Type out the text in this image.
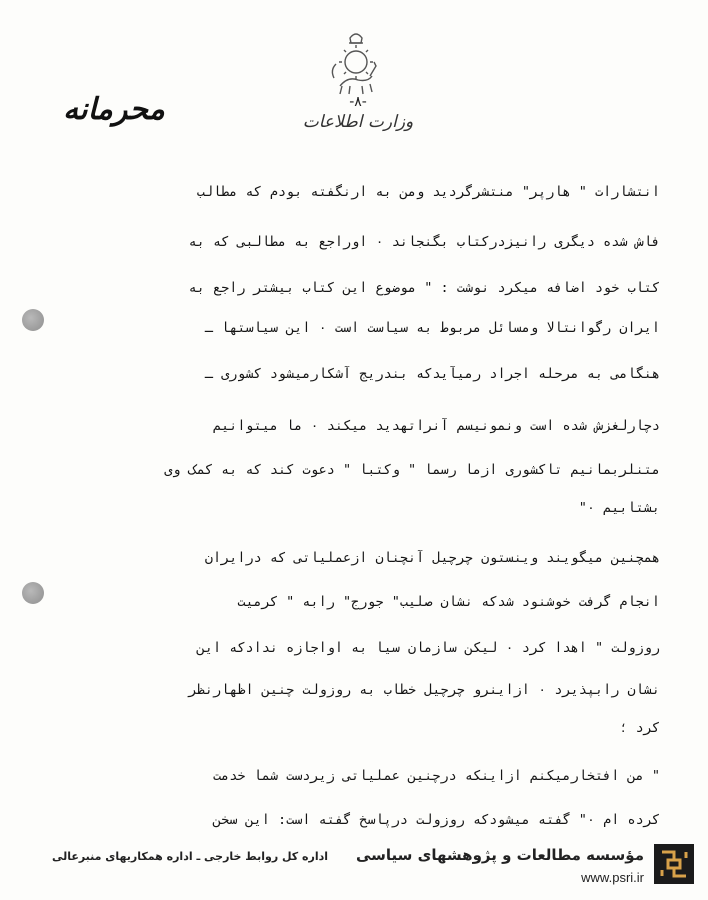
محرمانه	-۸-
وزارت اطلاعات
انتشارات " هارپر" منتشرگردید ومن به ارنگفته بودم که مطالب
فاش شده دیگری رانیزدرکتاب بگنجاند ۰ اوراجع به مطالبی که به
کتاب خود اضافه میکرد نوشت : " موضوع این کتاب بیشتر راجع به
ایران رگوانتالا ومسائل مربوط به سیاست است ۰ این سیاستها ـ
هنگامی به مرحله اجراد رمیآیدکه بندریج آشکارمیشود کشوری ـ
دچارلغزش شده است ونمونیسم آنراتهدید میکند ۰ ما میتوانیم
متنلربمانیم تاکشوری ازما رسما " وکتبا " دعوت کند که به کمک وی
بشتابیم ۰"
همچنین میگویند وینستون چرچیل آنچنان ازعملیاتی که درایران
انجام گرفت خوشنود شدکه نشان صلیب" جورج" رابه " کرمیت
روزولت " اهدا کرد ۰ لیکن سازمان سیا به اواجازه ندادکه این
نشان رابپذیرد ۰ ازاینرو چرچیل خطاب به روزولت چنین اظهارنظر
کرد ؛
" من افتخارمیکنم ازاینکه درچنین عملیاتی زیردست شما خدمت
کرده ام ۰" گفته میشودکه روزولت درپاسخ گفته است: این سخن
اداره کل روابط خارجی ـ اداره همکاریهای منبرعالی	مؤسسه مطالعات و پژوهشهای سیاسی
www.psri.ir
